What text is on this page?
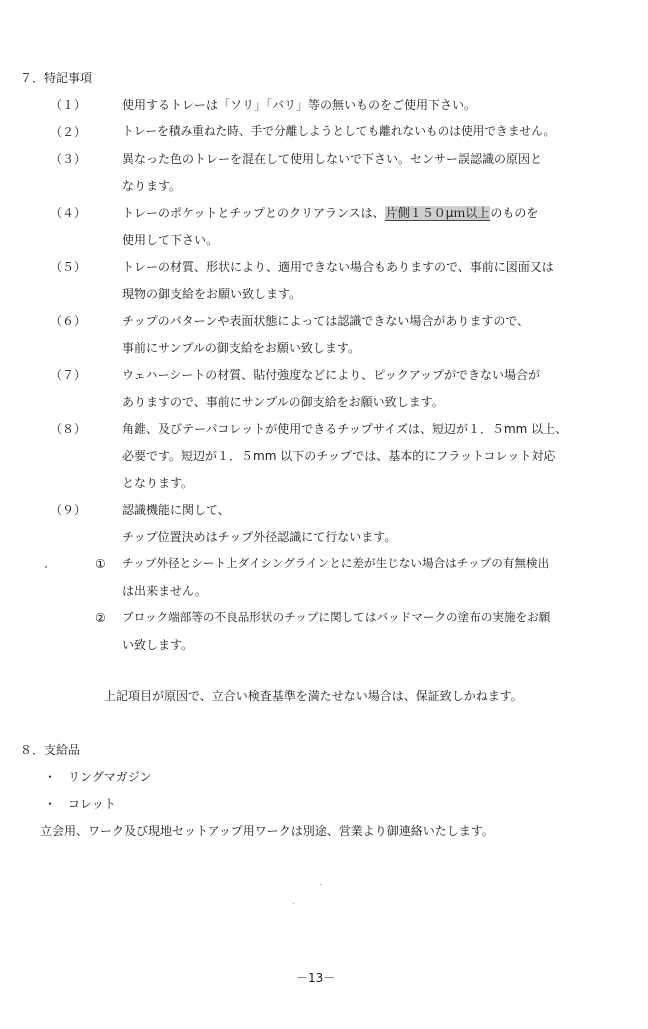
７．特記事項
（１）	使用するトレーは「ソリ」「バリ」等の無いものをご使用下さい。
（２）	トレーを積み重ねた時、手で分離しようとしても離れないものは使用できません。
（３）	異なった色のトレーを混在して使用しないで下さい。センサー誤認識の原因と
なります。
（４）	トレーのポケットとチップとのクリアランスは、片側１５０μｍ以上のものを
使用して下さい。
（５）	トレーの材質、形状により、適用できない場合もありますので、事前に図面又は
現物の御支給をお願い致します。
（６）	チップのパターンや表面状態によっては認識できない場合がありますので、
事前にサンプルの御支給をお願い致します。
（７）	ウェハーシートの材質、貼付強度などにより、ピックアップができない場合が
ありますので、事前にサンプルの御支給をお願い致します。
（８）	角錐、及びテーパコレットが使用できるチップサイズは、短辺が１．５mm 以上、
必要です。短辺が１．５mm 以下のチップでは、基本的にフラットコレット対応
となります。
（９）	認識機能に関して、
チップ位置決めはチップ外径認識にて行ないます。
① チップ外径とシート上ダイシングラインとに差が生じない場合はチップの有無検出
は出来ません。
② ブロック端部等の不良品形状のチップに関してはバッドマークの塗布の実施をお願
い致します。
上記項目が原因で、立合い検査基準を満たせない場合は、保証致しかねます。
８．支給品
・　リングマガジン
・　コレット
立会用、ワーク及び現地セットアップ用ワークは別途、営業より御連絡いたします。
－13－
